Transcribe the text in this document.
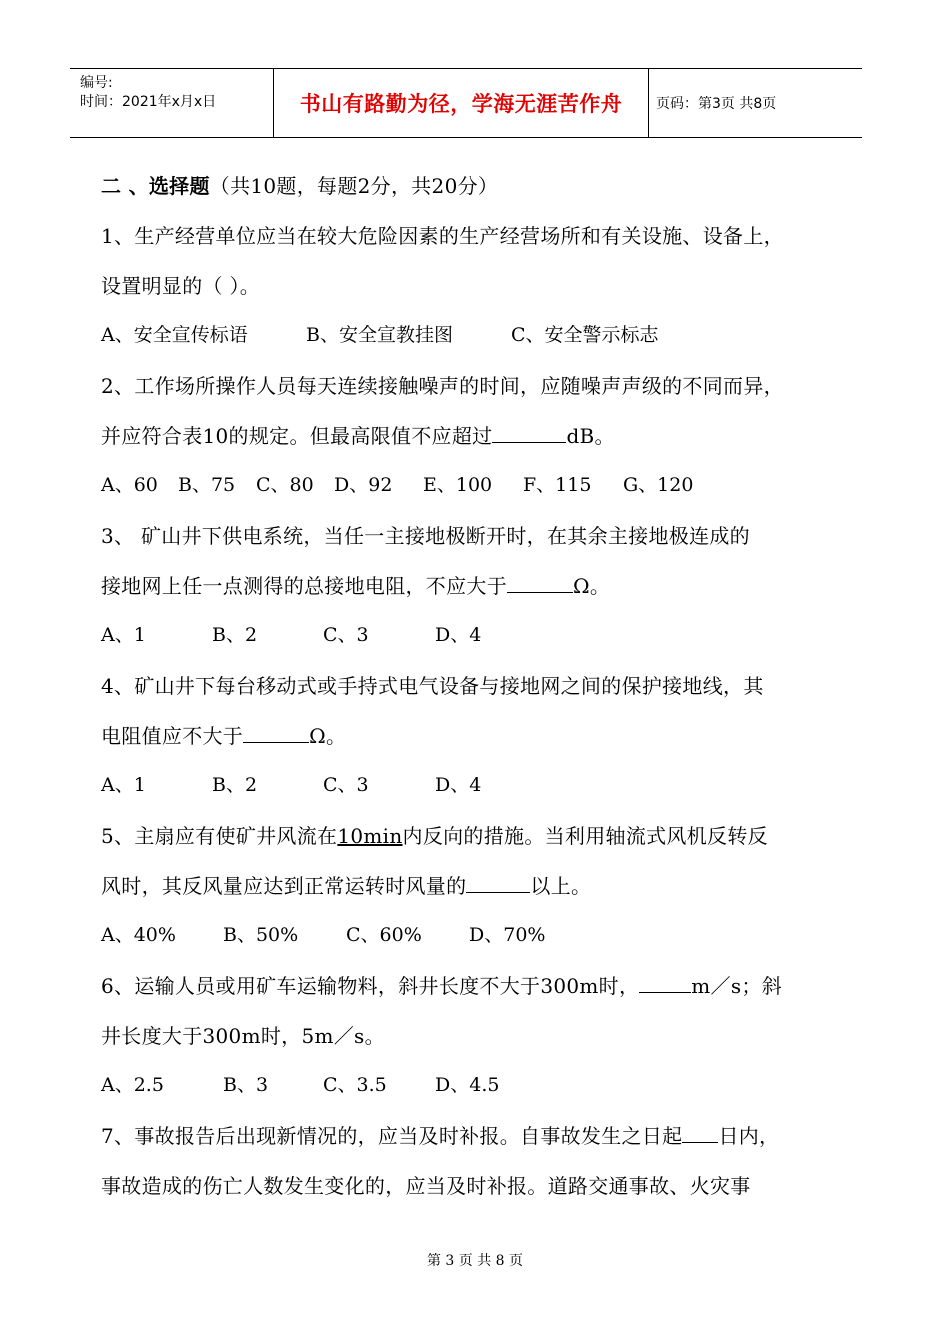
编号:
时间：2021年x月x日	书山有路勤为径，学海无涯苦作舟	页码：第3页 共8页
二 、选择题（共10题，每题2分，共20分）
1、生产经营单位应当在较大危险因素的生产经营场所和有关设施、设备上，
设置明显的（ ）。
A、安全宣传标语	B、安全宣教挂图	C、安全警示标志
2、工作场所操作人员每天连续接触噪声的时间，应随噪声声级的不同而异，
并应符合表10的规定。但最高限值不应超过	dB。
A、60 B、75 C、80 D、92 E、100 F、115 G、120
3、 矿山井下供电系统，当任一主接地极断开时，在其余主接地极连成的
接地网上任一点测得的总接地电阻，不应大于	Ω。
A、1	B、2	C、3	D、4
4、矿山井下每台移动式或手持式电气设备与接地网之间的保护接地线，其
电阻值应不大于	Ω。
A、1	B、2	C、3	D、4
5、主扇应有使矿井风流在10min内反向的措施。当利用轴流式风机反转反
风时，其反风量应达到正常运转时风量的	以上。
A、40% B、50%	C、60% D、70%
6、运输人员或用矿车运输物料，斜井长度不大于300m时，	m／s；斜
井长度大于300m时，5m／s。
A、2.5	B、3	C、3.5	D、4.5
7、事故报告后出现新情况的，应当及时补报。自事故发生之日起 日内，
事故造成的伤亡人数发生变化的，应当及时补报。道路交通事故、火灾事
第 3 页 共 8 页
